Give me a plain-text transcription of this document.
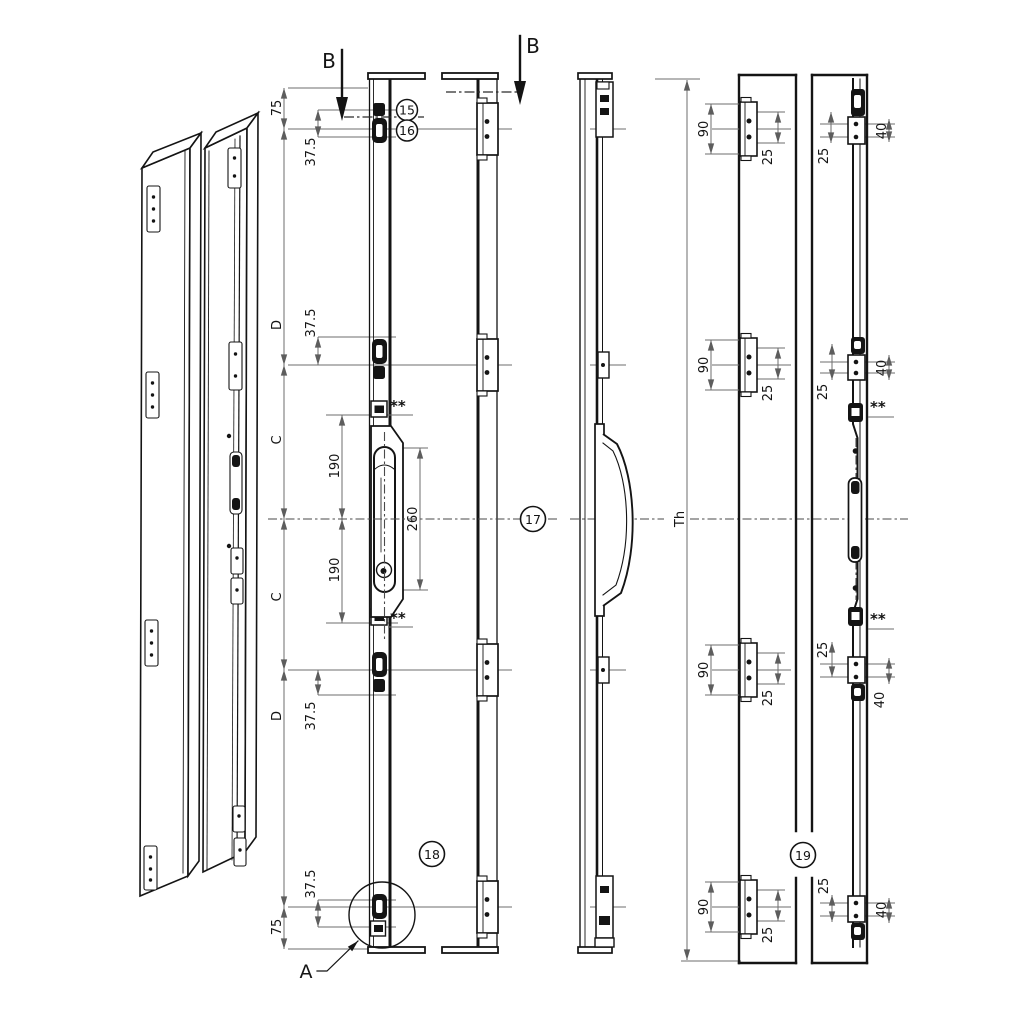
B
B
**
**
75
37.5
D 37.5
C
190
260
190
C
37.5
D
37.5
75
A
Th
90
25
90
25
90
25
90
25
**
**
25
40
25
40
25
40
25
40
15
16
17
18	19
